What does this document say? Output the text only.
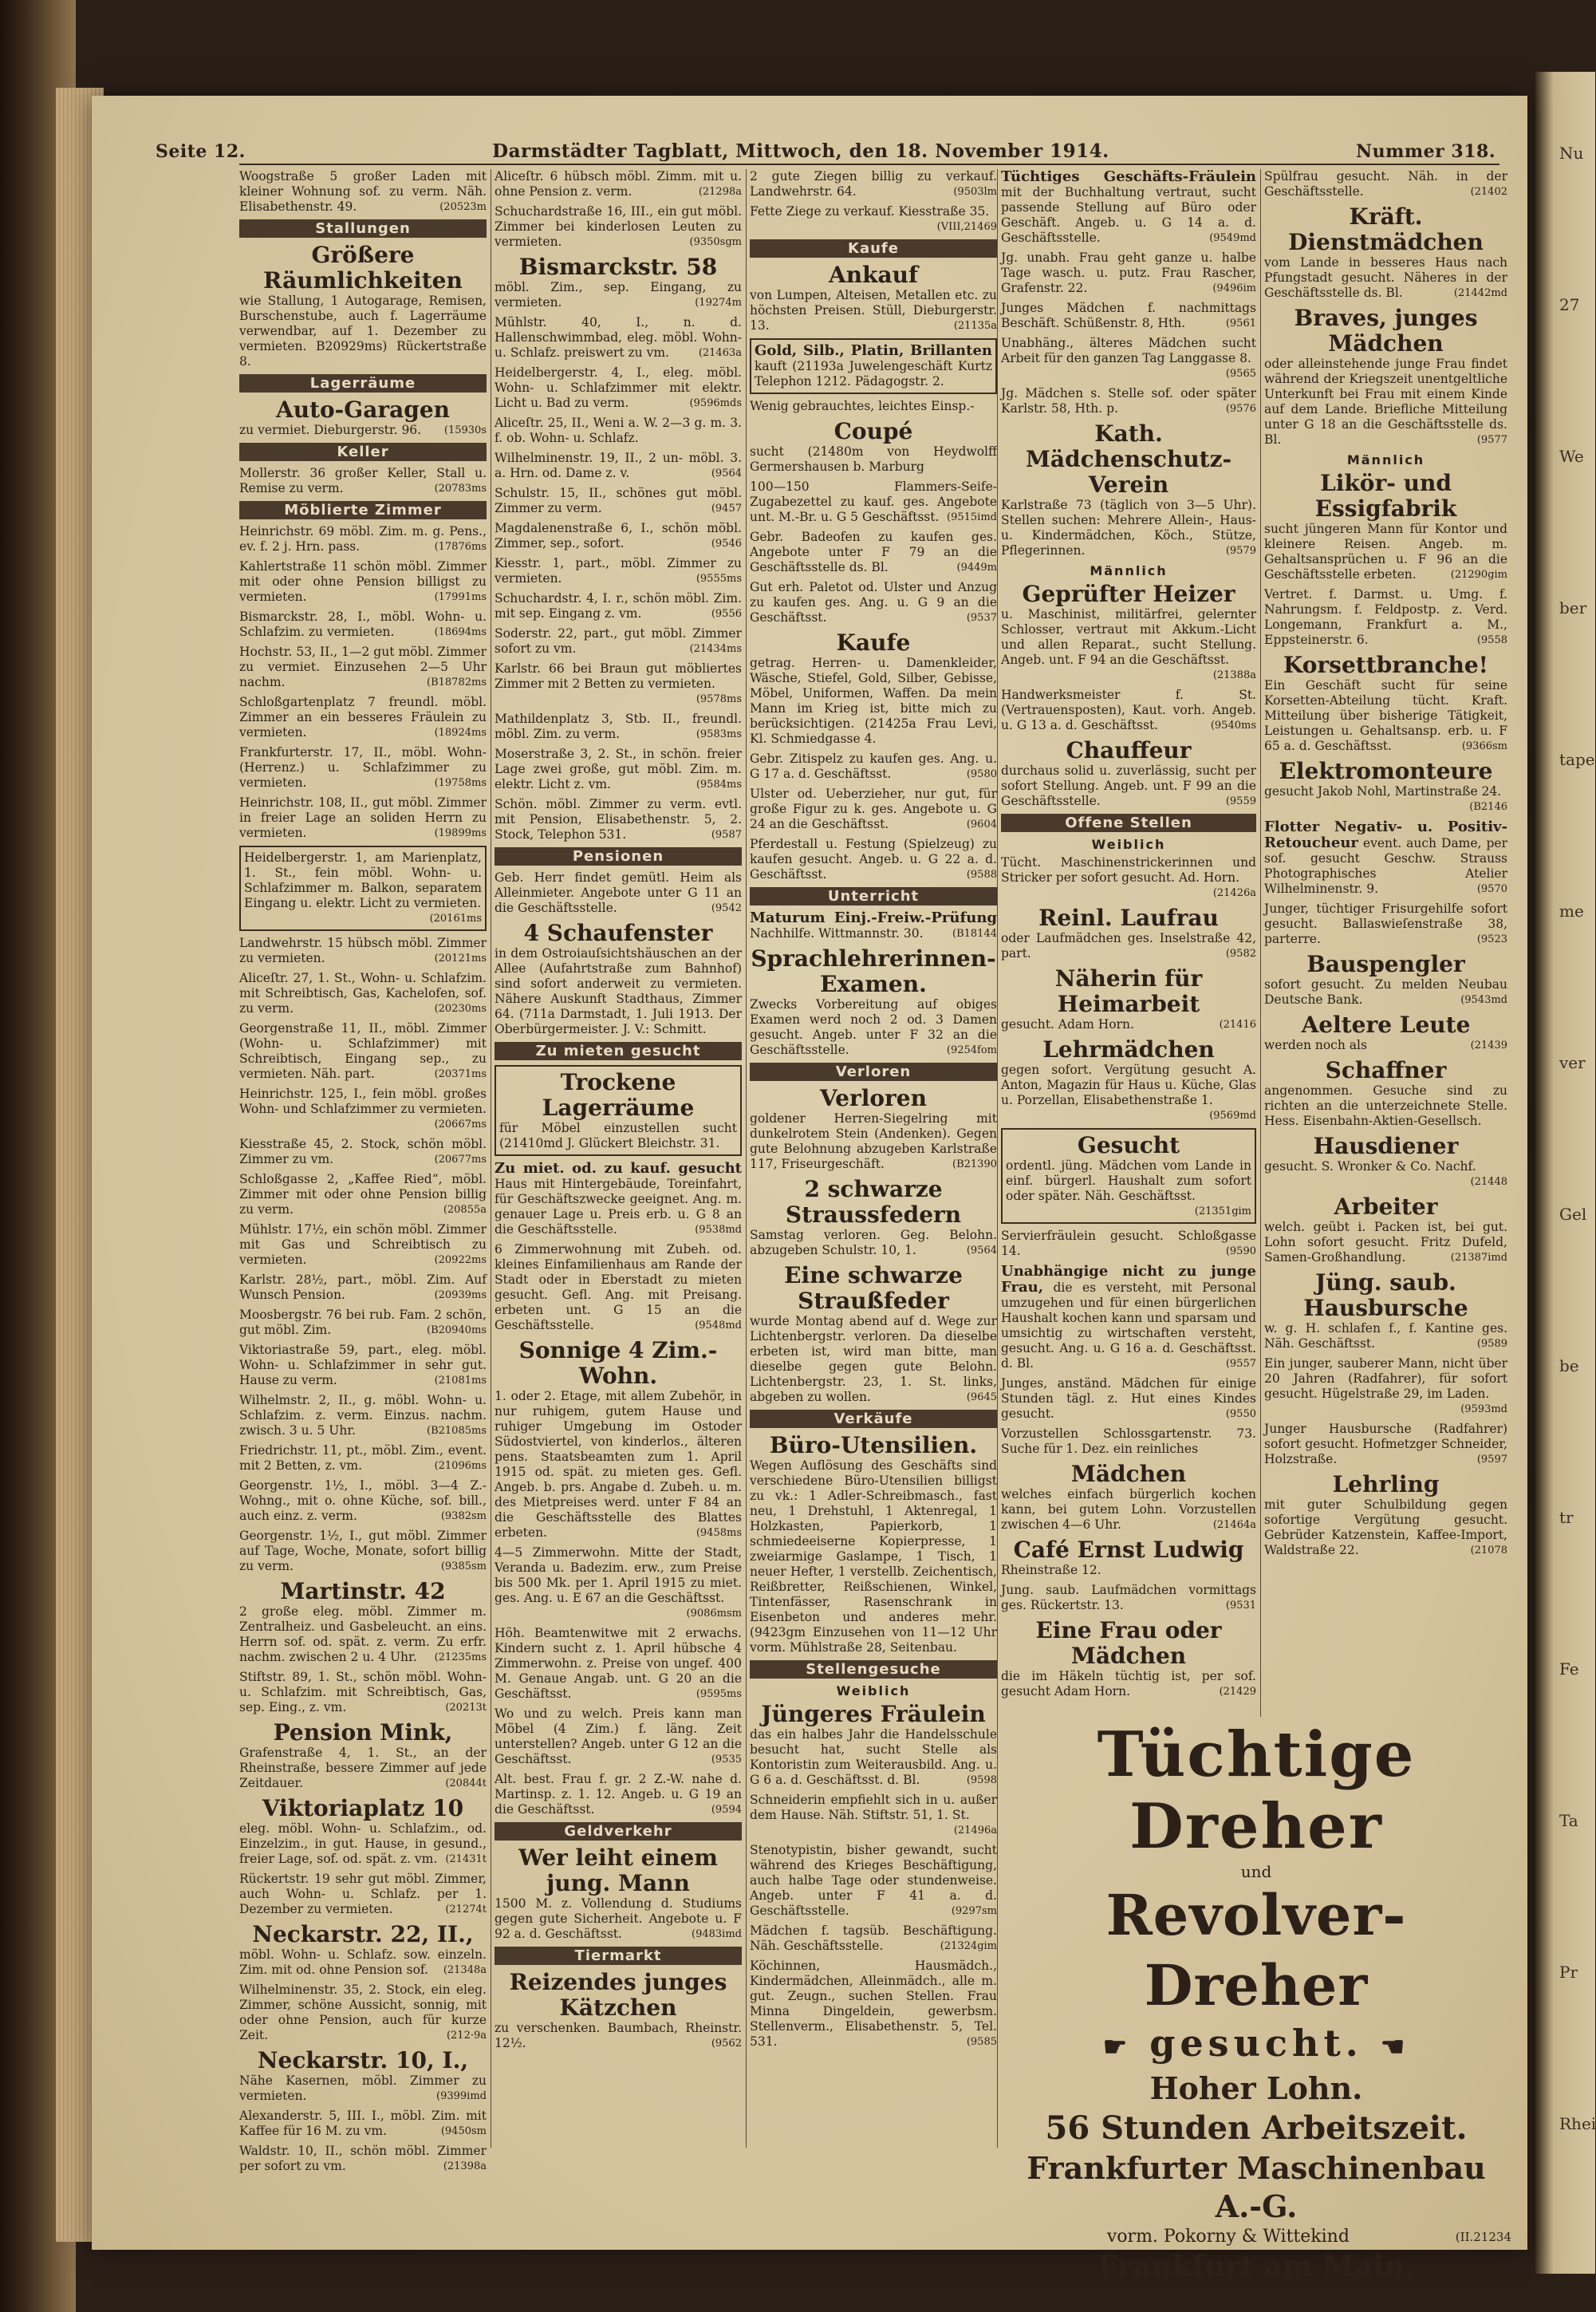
Nu
27
We
ber
tape
me
ver
Gel
be
tr
Fe
Ta
Pr
Rhei
Seite 12.	Darmstädter Tagblatt, Mittwoch, den 18. November 1914.	Nummer 318.
Woogstraße 5 großer Laden mit kleiner Wohnung sof. zu verm. Näh. Elisabethenstr. 49.	(20523m
Stallungen
Größere Räumlichkeiten
wie Stallung, 1 Autogarage, Remisen, Burschenstube, auch f. Lagerräume verwendbar, auf 1. Dezember zu vermieten. B20929ms) Rückertstraße 8.
Lagerräume
Auto-Garagen
zu vermiet. Dieburgerstr. 96. (15930s
Keller
Mollerstr. 36 großer Keller, Stall u. Remise zu verm.	(20783ms
Möblierte Zimmer
Heinrichstr. 69 möbl. Zim. m. g. Pens., ev. f. 2 j. Hrn. pass.	(17876ms
Kahlertstraße 11 schön möbl. Zimmer mit oder ohne Pension billigst zu vermieten.	(17991ms
Bismarckstr. 28, I., möbl. Wohn- u. Schlafzim. zu vermieten.	(18694ms
Hochstr. 53, II., 1—2 gut möbl. Zimmer zu vermiet. Einzusehen 2—5 Uhr nachm.	(B18782ms
Schloßgartenplatz 7 freundl. möbl. Zimmer an ein besseres Fräulein zu vermieten.	(18924ms
Frankfurterstr. 17, II., möbl. Wohn- (Herrenz.) u. Schlafzimmer zu vermieten.	(19758ms
Heinrichstr. 108, II., gut möbl. Zimmer in freier Lage an soliden Herrn zu vermieten.	(19899ms
Heidelbergerstr. 1, am Marienplatz, 1. St., fein möbl. Wohn- u. Schlafzimmer m. Balkon, separatem Eingang u. elektr. Licht zu vermieten.
(20161ms
Landwehrstr. 15 hübsch möbl. Zimmer zu vermieten.	(20121ms
Aliceſtr. 27, 1. St., Wohn- u. Schlafzim. mit Schreibtisch, Gas, Kachelofen, sof. zu verm.	(20230ms
Georgenstraße 11, II., möbl. Zimmer (Wohn- u. Schlafzimmer) mit Schreibtisch, Eingang sep., zu vermieten. Näh. part.	(20371ms
Heinrichstr. 125, I., fein möbl. großes Wohn- und Schlafzimmer zu vermieten.
(20667ms
Kiesstraße 45, 2. Stock, schön möbl. Zimmer zu vm.	(20677ms
Schloßgasse 2, „Kaffee Ried“, möbl. Zimmer mit oder ohne Pension billig zu verm.	(20855a
Mühlstr. 17½, ein schön möbl. Zimmer mit Gas und Schreibtisch zu vermieten.	(20922ms
Karlstr. 28½, part., möbl. Zim. Auf Wunsch Pension.	(20939ms
Moosbergstr. 76 bei rub. Fam. 2 schön, gut möbl. Zim.	(B20940ms
Viktoriastraße 59, part., eleg. möbl. Wohn- u. Schlafzimmer in sehr gut. Hause zu verm.	(21081ms
Wilhelmstr. 2, II., g. möbl. Wohn- u. Schlafzim. z. verm. Einzus. nachm. zwisch. 3 u. 5 Uhr.	(B21085ms
Friedrichstr. 11, pt., möbl. Zim., event. mit 2 Betten, z. vm.	(21096ms
Georgenstr. 1½, I., möbl. 3—4 Z.-Wohng., mit o. ohne Küche, sof. bill., auch einz. z. verm.	(9382sm
Georgenstr. 1½, I., gut möbl. Zimmer auf Tage, Woche, Monate, sofort billig zu verm.	(9385sm
Martinstr. 42
2 große eleg. möbl. Zimmer m. Zentralheiz. und Gasbeleucht. an eins. Herrn sof. od. spät. z. verm. Zu erfr. nachm. zwischen 2 u. 4 Uhr. (21235ms
Stiftstr. 89, 1. St., schön möbl. Wohn- u. Schlafzim. mit Schreibtisch, Gas, sep. Eing., z. vm.	(20213t
Pension Mink,
Grafenstraße 4, 1. St., an der Rheinstraße, bessere Zimmer auf jede Zeitdauer.	(20844t
Viktoriaplatz 10
eleg. möbl. Wohn- u. Schlafzim., od. Einzelzim., in gut. Hause, in gesund., freier Lage, sof. od. spät. z. vm. (21431t
Rückertstr. 19 sehr gut möbl. Zimmer, auch Wohn- u. Schlafz. per 1. Dezember zu vermieten.	(21274t
Neckarstr. 22, II.,
möbl. Wohn- u. Schlafz. sow. einzeln. Zim. mit od. ohne Pension sof. (21348a
Wilhelminenstr. 35, 2. Stock, ein eleg. Zimmer, schöne Aussicht, sonnig, mit oder ohne Pension, auch für kurze Zeit.	(212·9a
Neckarstr. 10, I.,
Nähe Kasernen, möbl. Zimmer zu vermieten.	(9399imd
Alexanderstr. 5, III. I., möbl. Zim. mit Kaffee für 16 M. zu vm.	(9450sm
Waldstr. 10, II., schön möbl. Zimmer per sofort zu vm.	(21398a
Aliceſtr. 6 hübsch möbl. Zimm. mit u. ohne Pension z. verm.	(21298a
Schuchardstraße 16, III., ein gut möbl. Zimmer bei kinderlosen Leuten zu vermieten.	(9350sgm
Bismarckstr. 58
möbl. Zim., sep. Eingang, zu vermieten.	(19274m
Mühlstr. 40, I., n. d. Hallenschwimmbad, eleg. möbl. Wohn- u. Schlafz. preiswert zu vm.	(21463a
Heidelbergerstr. 4, I., eleg. möbl. Wohn- u. Schlafzimmer mit elektr. Licht u. Bad zu verm.	(9596mds
Aliceſtr. 25, II., Weni a. W. 2—3 g. m. 3. f. ob. Wohn- u. Schlafz.
Wilhelminenstr. 19, II., 2 un- möbl. 3. a. Hrn. od. Dame z. v.	(9564
Schulstr. 15, II., schönes gut möbl. Zimmer zu verm.	(9457
Magdalenenstraße 6, I., schön möbl. Zimmer, sep., sofort.	(9546
Kiesstr. 1, part., möbl. Zimmer zu vermieten.	(9555ms
Schuchardstr. 4, I. r., schön möbl. Zim. mit sep. Eingang z. vm.	(9556
Soderstr. 22, part., gut möbl. Zimmer sofort zu vm.	(21434ms
Karlstr. 66 bei Braun gut möbliertes Zimmer mit 2 Betten zu vermieten.
(9578ms
Mathildenplatz 3, Stb. II., freundl. möbl. Zim. zu verm.	(9583ms
Moserstraße 3, 2. St., in schön. freier Lage zwei große, gut möbl. Zim. m. elektr. Licht z. vm.	(9584ms
Schön. möbl. Zimmer zu verm. evtl. mit Pension, Elisabethenstr. 5, 2. Stock, Telephon 531.	(9587
Pensionen
Geb. Herr findet gemütl. Heim als Alleinmieter. Angebote unter G 11 an die Geschäftsstelle.	(9542
4 Schaufenster
in dem Ostroiauſsichtshäuschen an der Allee (Aufahrtstraße zum Bahnhof) sind sofort anderweit zu vermieten. Nähere Auskunft Stadthaus, Zimmer 64. (711a Darmstadt, 1. Juli 1913. Der Oberbürgermeister. J. V.: Schmitt.
Zu mieten gesucht
Trockene Lagerräume
für Möbel einzustellen sucht (21410md J. Glückert Bleichstr. 31.
Zu miet. od. zu kauf. gesucht Haus mit Hintergebäude, Toreinfahrt, für Geschäftszwecke geeignet. Ang. m. genauer Lage u. Preis erb. u. G 8 an die Geschäftsstelle.	(9538md
6 Zimmerwohnung mit Zubeh. od. kleines Einfamilienhaus am Rande der Stadt oder in Eberstadt zu mieten gesucht. Gefl. Ang. mit Preisang. erbeten unt. G 15 an die Geschäftsstelle.	(9548md
Sonnige 4 Zim.-Wohn.
1. oder 2. Etage, mit allem Zubehör, in nur ruhigem, gutem Hause und ruhiger Umgebung im Ostoder Südostviertel, von kinderlos., älteren pens. Staatsbeamten zum 1. April 1915 od. spät. zu mieten ges. Gefl. Angeb. b. prs. Angabe d. Zubeh. u. m. des Mietpreises werd. unter F 84 an die Geschäftsstelle des Blattes erbeten.	(9458ms
4—5 Zimmerwohn. Mitte der Stadt, Veranda u. Badezim. erw., zum Preise bis 500 Mk. per 1. April 1915 zu miet. ges. Ang. u. E 67 an die Geschäftsst.
(9086msm
Höh. Beamtenwitwe mit 2 erwachs. Kindern sucht z. 1. April hübsche 4 Zimmerwohn. z. Preise von ungef. 400 M. Genaue Angab. unt. G 20 an die Geschäftsst.	(9595ms
Wo und zu welch. Preis kann man Möbel (4 Zim.) f. läng. Zeit unterstellen? Angeb. unter G 12 an die Geschäftsst.	(9535
Alt. best. Frau f. gr. 2 Z.-W. nahe d. Martinsp. z. 1. 12. Angeb. u. G 19 an die Geschäftsst.	(9594
Geldverkehr
Wer leiht einem jung. Mann
1500 M. z. Vollendung d. Studiums gegen gute Sicherheit. Angebote u. F 92 a. d. Geschäftsst.	(9483imd
Tiermarkt
Reizendes junges Kätzchen
zu verschenken. Baumbach, Rheinstr. 12½.	(9562
2 gute Ziegen billig zu verkauf. Landwehrstr. 64.	(9503lm
Fette Ziege zu verkauf. Kiesstraße 35.
(VIII,21469
Kaufe
Ankauf
von Lumpen, Alteisen, Metallen etc. zu höchsten Preisen. Stüll, Dieburgerstr. 13.	(21135a
Gold, Silb., Platin, Brillanten kauft (21193a Juwelengeschäft Kurtz Telephon 1212. Pädagogstr. 2.
Wenig gebrauchtes, leichtes Einsp.-
Coupé
sucht (21480m von Heydwolff Germershausen b. Marburg
100—150 Flammers-Seife-Zugabezettel zu kauf. ges. Angebote unt. M.-Br. u. G 5 Geschäftsst. (9515imd
Gebr. Badeofen zu kaufen ges. Angebote unter F 79 an die Geschäftsstelle ds. Bl.	(9449m
Gut erh. Paletot od. Ulster und Anzug zu kaufen ges. Ang. u. G 9 an die Geschäftsst.	(9537
Kaufe
getrag. Herren- u. Damenkleider, Wäsche, Stiefel, Gold, Silber, Gebisse, Möbel, Uniformen, Waffen. Da mein Mann im Krieg ist, bitte mich zu berücksichtigen. (21425a Frau Levi, Kl. Schmiedgasse 4.
Gebr. Zitispelz zu kaufen ges. Ang. u. G 17 a. d. Geschäftsst.	(9580
Ulster od. Ueberzieher, nur gut, für große Figur zu k. ges. Angebote u. G 24 an die Geschäftsst.	(9604
Pferdestall u. Festung (Spielzeug) zu kaufen gesucht. Angeb. u. G 22 a. d. Geschäftsst.	(9588
Unterricht
Maturum Einj.-Freiw.-Prüfung Nachhilfe. Wittmannstr. 30.	(B18144
Sprachlehrerinnen-Examen.
Zwecks Vorbereitung auf obiges Examen werd noch 2 od. 3 Damen gesucht. Angeb. unter F 32 an die Geschäftsstelle.	(9254fom
Verloren
Verloren
goldener Herren-Siegelring mit dunkelrotem Stein (Andenken). Gegen gute Belohnung abzugeben Karlstraße 117, Friseurgeschäft.	(B21390
2 schwarze Straussfedern
Samstag verloren. Geg. Belohn. abzugeben Schulstr. 10, 1.	(9564
Eine schwarze Straußfeder
wurde Montag abend auf d. Wege zur Lichtenbergstr. verloren. Da dieselbe erbeten ist, wird man bitte, man dieselbe gegen gute Belohn. Lichtenbergstr. 23, 1. St. links, abgeben zu wollen.	(9645
Verkäufe
Büro-Utensilien.
Wegen Auflösung des Geschäfts sind verschiedene Büro-Utensilien billigst zu vk.: 1 Adler-Schreibmasch., fast neu, 1 Drehstuhl, 1 Aktenregal, 1 Holzkasten, Papierkorb, 1 schmiedeeiserne Kopierpresse, 1 zweiarmige Gaslampe, 1 Tisch, 1 neuer Hefter, 1 verstellb. Zeichentisch, Reißbretter, Reißschienen, Winkel, Tintenfässer, Rasenschrank in Eisenbeton und anderes mehr. (9423gm Einzusehen von 11—12 Uhr vorm. Mühlstraße 28, Seitenbau.
Stellengesuche
Weiblich
Jüngeres Fräulein
das ein halbes Jahr die Handelsschule besucht hat, sucht Stelle als Kontoristin zum Weiterausbild. Ang. u. G 6 a. d. Geschäftsst. d. Bl.	(9598
Schneiderin empfiehlt sich in u. außer dem Hause. Näh. Stiftstr. 51, 1. St.
(21496a
Stenotypistin, bisher gewandt, sucht während des Krieges Beschäftigung, auch halbe Tage oder stundenweise. Angeb. unter F 41 a. d. Geschäftsstelle.	(9297sm
Mädchen f. tagsüb. Beschäftigung. Näh. Geschäftsstelle.	(21324gim
Köchinnen, Hausmädch., Kindermädchen, Alleinmädch., alle m. gut. Zeugn., suchen Stellen. Frau Minna Dingeldein, gewerbsm. Stellenverm., Elisabethenstr. 5, Tel. 531.	(9585
Tüchtiges Geschäfts-Fräulein mit der Buchhaltung vertraut, sucht passende Stellung auf Büro oder Geschäft. Angeb. u. G 14 a. d. Geschäftsstelle.	(9549md
Jg. unabh. Frau geht ganze u. halbe Tage wasch. u. putz. Frau Rascher, Grafenstr. 22.	(9496im
Junges Mädchen f. nachmittags Beschäft. Schüßenstr. 8, Hth.	(9561
Unabhäng., älteres Mädchen sucht Arbeit für den ganzen Tag Langgasse 8.
(9565
Jg. Mädchen s. Stelle sof. oder später Karlstr. 58, Hth. p.	(9576
Kath. Mädchenschutz-Verein
Karlstraße 73 (täglich von 3—5 Uhr). Stellen suchen: Mehrere Allein-, Haus- u. Kindermädchen, Köch., Stütze, Pflegerinnen.	(9579
Männlich
Geprüfter Heizer
u. Maschinist, militärfrei, gelernter Schlosser, vertraut mit Akkum.-Licht und allen Reparat., sucht Stellung. Angeb. unt. F 94 an die Geschäftsst.
(21388a
Handwerksmeister f. St. (Vertrauensposten), Kaut. vorh. Angeb. u. G 13 a. d. Geschäftsst.	(9540ms
Chauffeur
durchaus solid u. zuverlässig, sucht per sofort Stellung. Angeb. unt. F 99 an die Geschäftsstelle.	(9559
Offene Stellen
Weiblich
Tücht. Maschinenstrickerinnen und Stricker per sofort gesucht. Ad. Horn.
(21426a
Reinl. Laufrau
oder Laufmädchen ges. Inselstraße 42, part.	(9582
Näherin für Heimarbeit
gesucht. Adam Horn.	(21416
Lehrmädchen
gegen sofort. Vergütung gesucht A. Anton, Magazin für Haus u. Küche, Glas u. Porzellan, Elisabethenstraße 1.
(9569md
Gesucht
ordentl. jüng. Mädchen vom Lande in einf. bürgerl. Haushalt zum sofort oder später. Näh. Geschäftsst.
(21351gim
Servierfräulein gesucht. Schloßgasse 14.	(9590
Unabhängige nicht zu junge Frau, die es versteht, mit Personal umzugehen und für einen bürgerlichen Haushalt kochen kann und sparsam und umsichtig zu wirtschaften versteht, gesucht. Ang. u. G 16 a. d. Geschäftsst. d. Bl.	(9557
Junges, anständ. Mädchen für einige Stunden tägl. z. Hut eines Kindes gesucht.	(9550
Vorzustellen Schlossgartenstr. 73. Suche für 1. Dez. ein reinliches
Mädchen
welches einfach bürgerlich kochen kann, bei gutem Lohn. Vorzustellen zwischen 4—6 Uhr.	(21464a
Café Ernst Ludwig
Rheinstraße 12.
Jung. saub. Laufmädchen vormittags ges. Rückertstr. 13.	(9531
Eine Frau oder Mädchen
die im Häkeln tüchtig ist, per sof. gesucht Adam Horn.	(21429
Spülfrau gesucht. Näh. in der Geschäftsstelle.	(21402
Kräft. Dienstmädchen
vom Lande in besseres Haus nach Pfungstadt gesucht. Näheres in der Geschäftsstelle ds. Bl.	(21442md
Braves, junges Mädchen
oder alleinstehende junge Frau findet während der Kriegszeit unentgeltliche Unterkunft bei Frau mit einem Kinde auf dem Lande. Briefliche Mitteilung unter G 18 an die Geschäftsstelle ds. Bl.	(9577
Männlich
Likör- und Essigfabrik
sucht jüngeren Mann für Kontor und kleinere Reisen. Angeb. m. Gehaltsansprüchen u. F 96 an die Geschäftsstelle erbeten.	(21290gim
Vertret. f. Darmst. u. Umg. f. Nahrungsm. f. Feldpostp. z. Verd. Longemann, Frankfurt a. M., Eppsteinerstr. 6.	(9558
Korsettbranche!
Ein Geschäft sucht für seine Korsetten-Abteilung tücht. Kraft. Mitteilung über bisherige Tätigkeit, Leistungen u. Gehaltsansp. erb. u. F 65 a. d. Geschäftsst.	(9366sm
Elektromonteure
gesucht Jakob Nohl, Martinstraße 24.
(B2146
Flotter Negativ- u. Positiv-Retoucheur event. auch Dame, per sof. gesucht Geschw. Strauss Photographisches Atelier Wilhelminenstr. 9.	(9570
Junger, tüchtiger Frisurgehilfe sofort gesucht. Ballaswieſenstraße 38, parterre.	(9523
Bauspengler
sofort gesucht. Zu melden Neubau Deutsche Bank.	(9543md
Aeltere Leute
werden noch als	(21439
Schaffner
angenommen. Gesuche sind zu richten an die unterzeichnete Stelle. Hess. Eisenbahn-Aktien-Gesellsch.
Hausdiener
gesucht. S. Wronker & Co. Nachf.
(21448
Arbeiter
welch. geübt i. Packen ist, bei gut. Lohn sofort gesucht. Fritz Dufeld, Samen-Großhandlung.	(21387imd
Jüng. saub. Hausbursche
w. g. H. schlafen f., f. Kantine ges. Näh. Geschäftsst.	(9589
Ein junger, sauberer Mann, nicht über 20 Jahren (Radfahrer), für sofort gesucht. Hügelstraße 29, im Laden.
(9593md
Junger Hausbursche (Radfahrer) sofort gesucht. Hofmetzger Schneider, Holzstraße.	(9597
Lehrling
mit guter Schulbildung gegen sofortige Vergütung gesucht. Gebrüder Katzenstein, Kaffee-Import, Waldstraße 22.	(21078
Tüchtige Dreher
und
Revolver-Dreher
☛ gesucht. ☚
Hoher Lohn.
56 Stunden Arbeitszeit.
Frankfurter Maschinenbau A.-G.
vorm. Pokorny & Wittekind	(II.21234
Frankfurt am Main.
